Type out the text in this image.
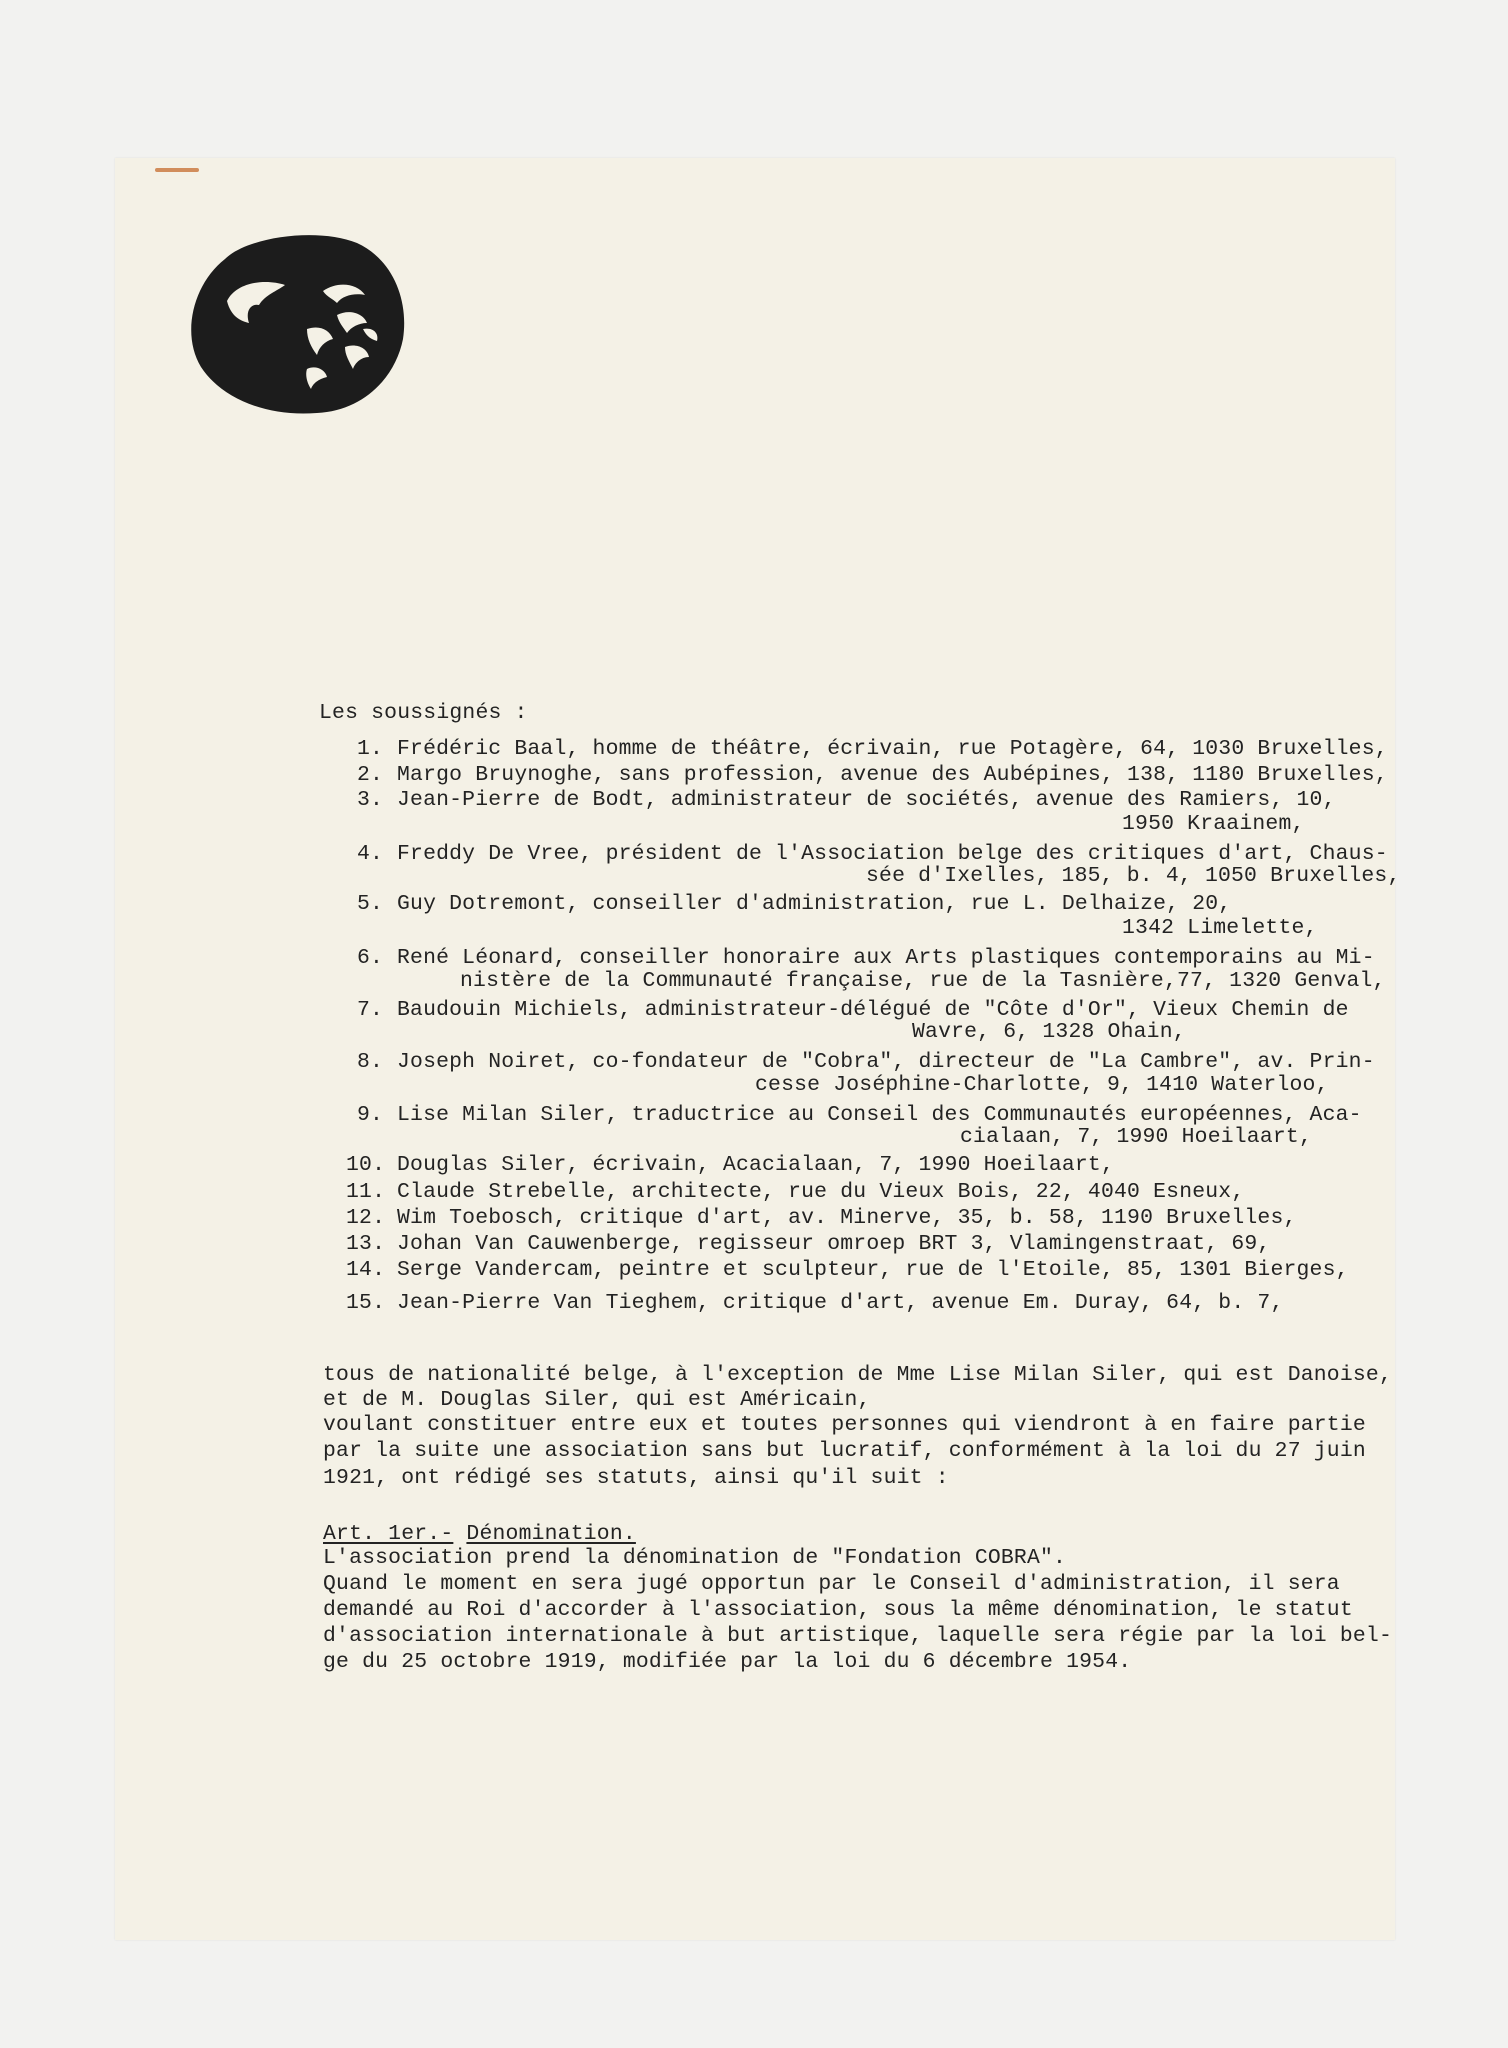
Les soussignés :

1.

Frédéric Baal, homme de théâtre, écrivain, rue Potagère, 64, 1030 Bruxelles,

2.

Margo Bruynoghe, sans profession, avenue des Aubépines, 138, 1180 Bruxelles,

3.

Jean-Pierre de Bodt, administrateur de sociétés, avenue des Ramiers, 10,

1950 Kraainem,

4.

Freddy De Vree, président de l'Association belge des critiques d'art, Chaus-

sée d'Ixelles, 185, b. 4, 1050 Bruxelles,

5.

Guy Dotremont, conseiller d'administration, rue L. Delhaize, 20,

1342 Limelette,

6.

René Léonard, conseiller honoraire aux Arts plastiques contemporains au Mi-

nistère de la Communauté française, rue de la Tasnière,77, 1320 Genval,

7.

Baudouin Michiels, administrateur-délégué de "Côte d'Or", Vieux Chemin de

Wavre, 6, 1328 Ohain,

8.

Joseph Noiret, co-fondateur de "Cobra", directeur de "La Cambre", av. Prin-

cesse Joséphine-Charlotte, 9, 1410 Waterloo,

9.

Lise Milan Siler, traductrice au Conseil des Communautés européennes, Aca-

cialaan, 7, 1990 Hoeilaart,

10.

Douglas Siler, écrivain, Acacialaan, 7, 1990 Hoeilaart,

11.

Claude Strebelle, architecte, rue du Vieux Bois, 22, 4040 Esneux,

12.

Wim Toebosch, critique d'art, av. Minerve, 35, b. 58, 1190 Bruxelles,

13.

Johan Van Cauwenberge, regisseur omroep BRT 3, Vlamingenstraat, 69,

14.

Serge Vandercam, peintre et sculpteur, rue de l'Etoile, 85, 1301 Bierges,

15.

Jean-Pierre Van Tieghem, critique d'art, avenue Em. Duray, 64, b. 7,

tous de nationalité belge, à l'exception de Mme Lise Milan Siler, qui est Danoise,

et de M. Douglas Siler, qui est Américain,

voulant constituer entre eux et toutes personnes qui viendront à en faire partie

par la suite une association sans but lucratif, conformément à la loi du 27 juin

1921, ont rédigé ses statuts, ainsi qu'il suit :

Art. 1er.- Dénomination.

L'association prend la dénomination de "Fondation COBRA".

Quand le moment en sera jugé opportun par le Conseil d'administration, il sera

demandé au Roi d'accorder à l'association, sous la même dénomination, le statut

d'association internationale à but artistique, laquelle sera régie par la loi bel-

ge du 25 octobre 1919, modifiée par la loi du 6 décembre 1954.
